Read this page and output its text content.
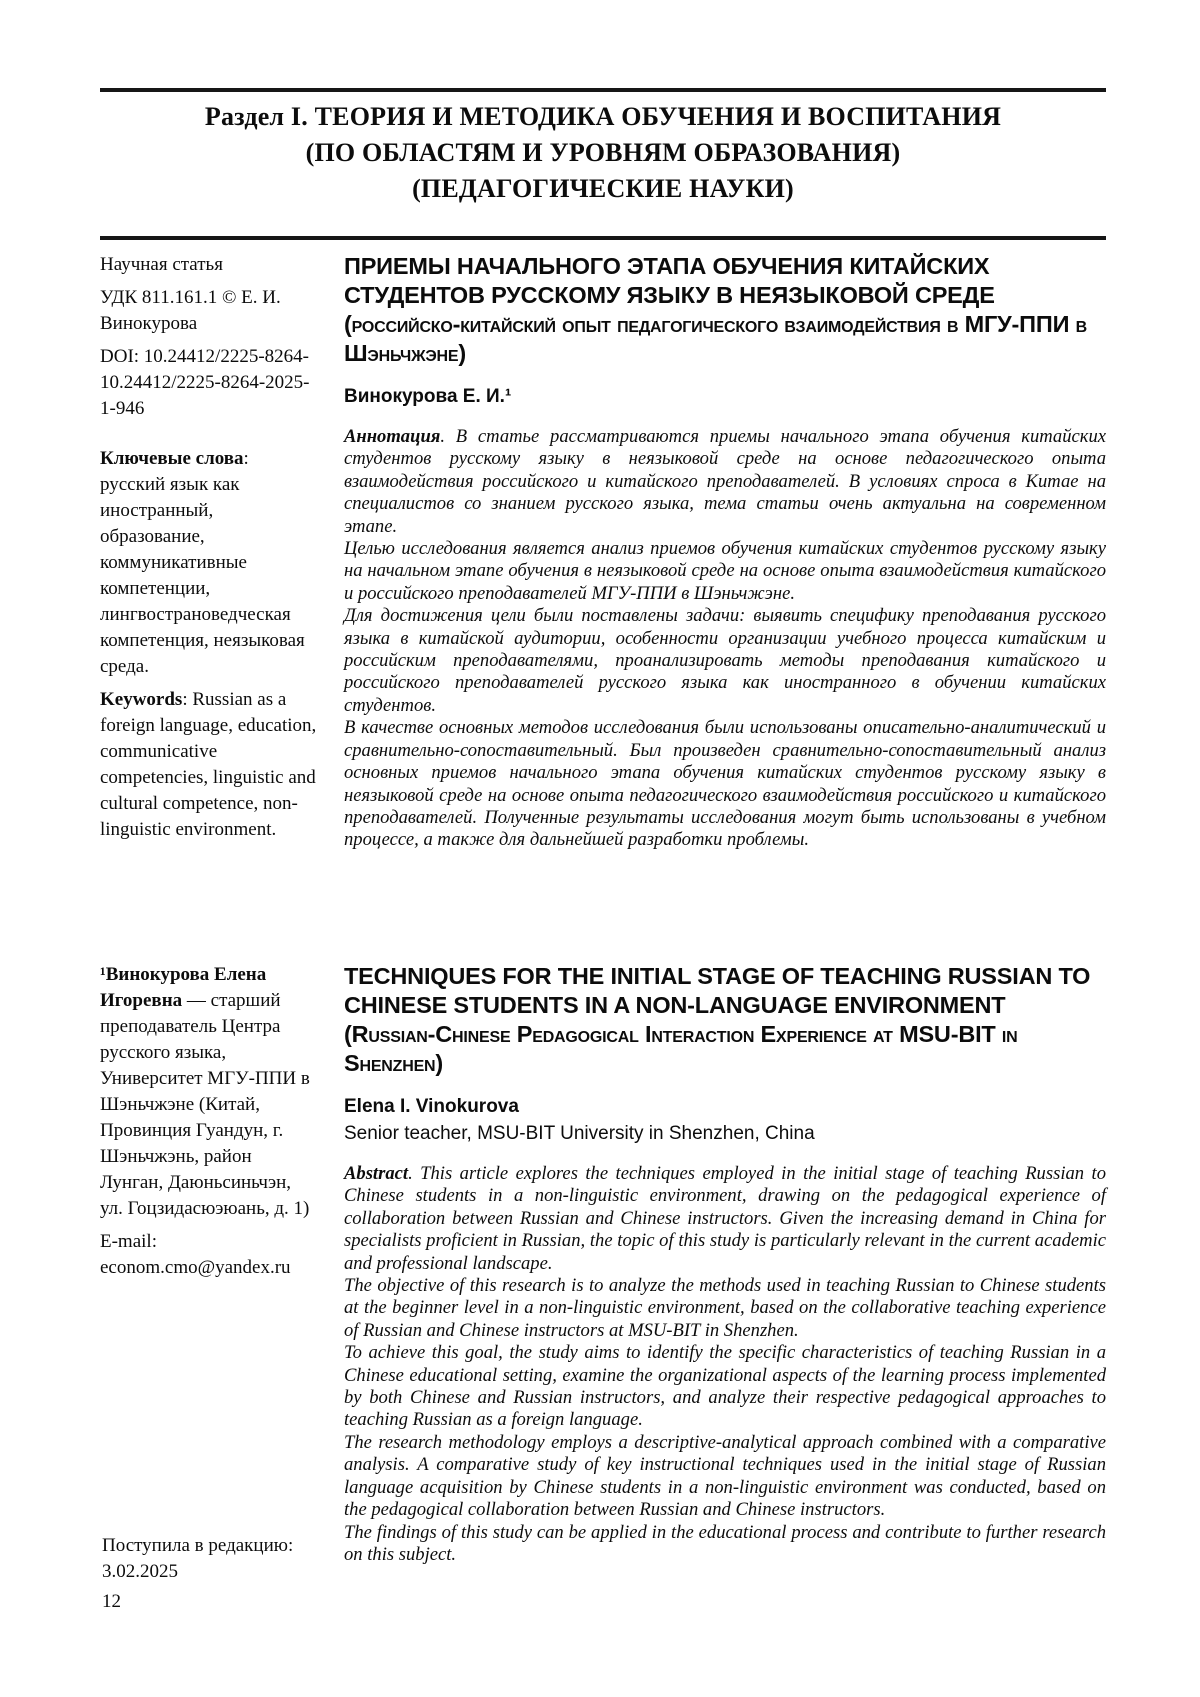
Раздел I. ТЕОРИЯ И МЕТОДИКА ОБУЧЕНИЯ И ВОСПИТАНИЯ
(ПО ОБЛАСТЯМ И УРОВНЯМ ОБРАЗОВАНИЯ)
(ПЕДАГОГИЧЕСКИЕ НАУКИ)

Научная статья

УДК 811.161.1 © Е. И. Винокурова

DOI: 10.24412/2225-8264-10.24412/2225-8264-2025-1-946

Ключевые слова: русский язык как иностранный, образование, коммуникативные компетенции, лингвострановедческая компетенция, неязыковая среда.

Keywords: Russian as a foreign language, education, communicative competencies, linguistic and cultural competence, non-linguistic environment.

ПРИЕМЫ НАЧАЛЬНОГО ЭТАПА ОБУЧЕНИЯ КИТАЙСКИХ СТУДЕНТОВ РУССКОМУ ЯЗЫКУ В НЕЯЗЫКОВОЙ СРЕДЕ
(российско-китайский опыт педагогического взаимодействия в МГУ-ППИ в Шэньчжэне)
Винокурова Е. И.¹

Аннотация. В статье рассматриваются приемы начального этапа обучения китайских студентов русскому языку в неязыковой среде на основе педагогического опыта взаимодействия российского и китайского преподавателей. В условиях спроса в Китае на специалистов со знанием русского языка, тема статьи очень актуальна на современном этапе.

Целью исследования является анализ приемов обучения китайских студентов русскому языку на начальном этапе обучения в неязыковой среде на основе опыта взаимодействия китайского и российского преподавателей МГУ-ППИ в Шэньчжэне.

Для достижения цели были поставлены задачи: выявить специфику преподавания русского языка в китайской аудитории, особенности организации учебного процесса китайским и российским преподавателями, проанализировать методы преподавания китайского и российского преподавателей русского языка как иностранного в обучении китайских студентов.

В качестве основных методов исследования были использованы описательно-аналитический и сравнительно-сопоставительный. Был произведен сравнительно-сопоставительный анализ основных приемов начального этапа обучения китайских студентов русскому языку в неязыковой среде на основе опыта педагогического взаимодействия российского и китайского преподавателей. Полученные результаты исследования могут быть использованы в учебном процессе, а также для дальнейшей разработки проблемы.

¹Винокурова Елена Игоревна — старший преподаватель Центра русского языка, Университет МГУ-ППИ в Шэньчжэне (Китай, Провинция Гуандун, г. Шэньчжэнь, район Лунган, Даюньсиньчэн, ул. Гоцзидасюэюань, д. 1)

E-mail: econom.cmo@yandex.ru
TECHNIQUES FOR THE INITIAL STAGE OF TEACHING RUSSIAN TO CHINESE STUDENTS IN A NON-LANGUAGE ENVIRONMENT
(Russian-Chinese Pedagogical Interaction Experience at MSU-BIT in Shenzhen)
Elena I. Vinokurova
Senior teacher, MSU-BIT University in Shenzhen, China

Abstract. This article explores the techniques employed in the initial stage of teaching Russian to Chinese students in a non-linguistic environment, drawing on the pedagogical experience of collaboration between Russian and Chinese instructors. Given the increasing demand in China for specialists proficient in Russian, the topic of this study is particularly relevant in the current academic and professional landscape.

The objective of this research is to analyze the methods used in teaching Russian to Chinese students at the beginner level in a non-linguistic environment, based on the collaborative teaching experience of Russian and Chinese instructors at MSU-BIT in Shenzhen.

To achieve this goal, the study aims to identify the specific characteristics of teaching Russian in a Chinese educational setting, examine the organizational aspects of the learning process implemented by both Chinese and Russian instructors, and analyze their respective pedagogical approaches to teaching Russian as a foreign language.

The research methodology employs a descriptive-analytical approach combined with a comparative analysis. A comparative study of key instructional techniques used in the initial stage of Russian language acquisition by Chinese students in a non-linguistic environment was conducted, based on the pedagogical collaboration between Russian and Chinese instructors.

The findings of this study can be applied in the educational process and contribute to further research on this subject.

Поступила в редакцию:
3.02.2025
12
